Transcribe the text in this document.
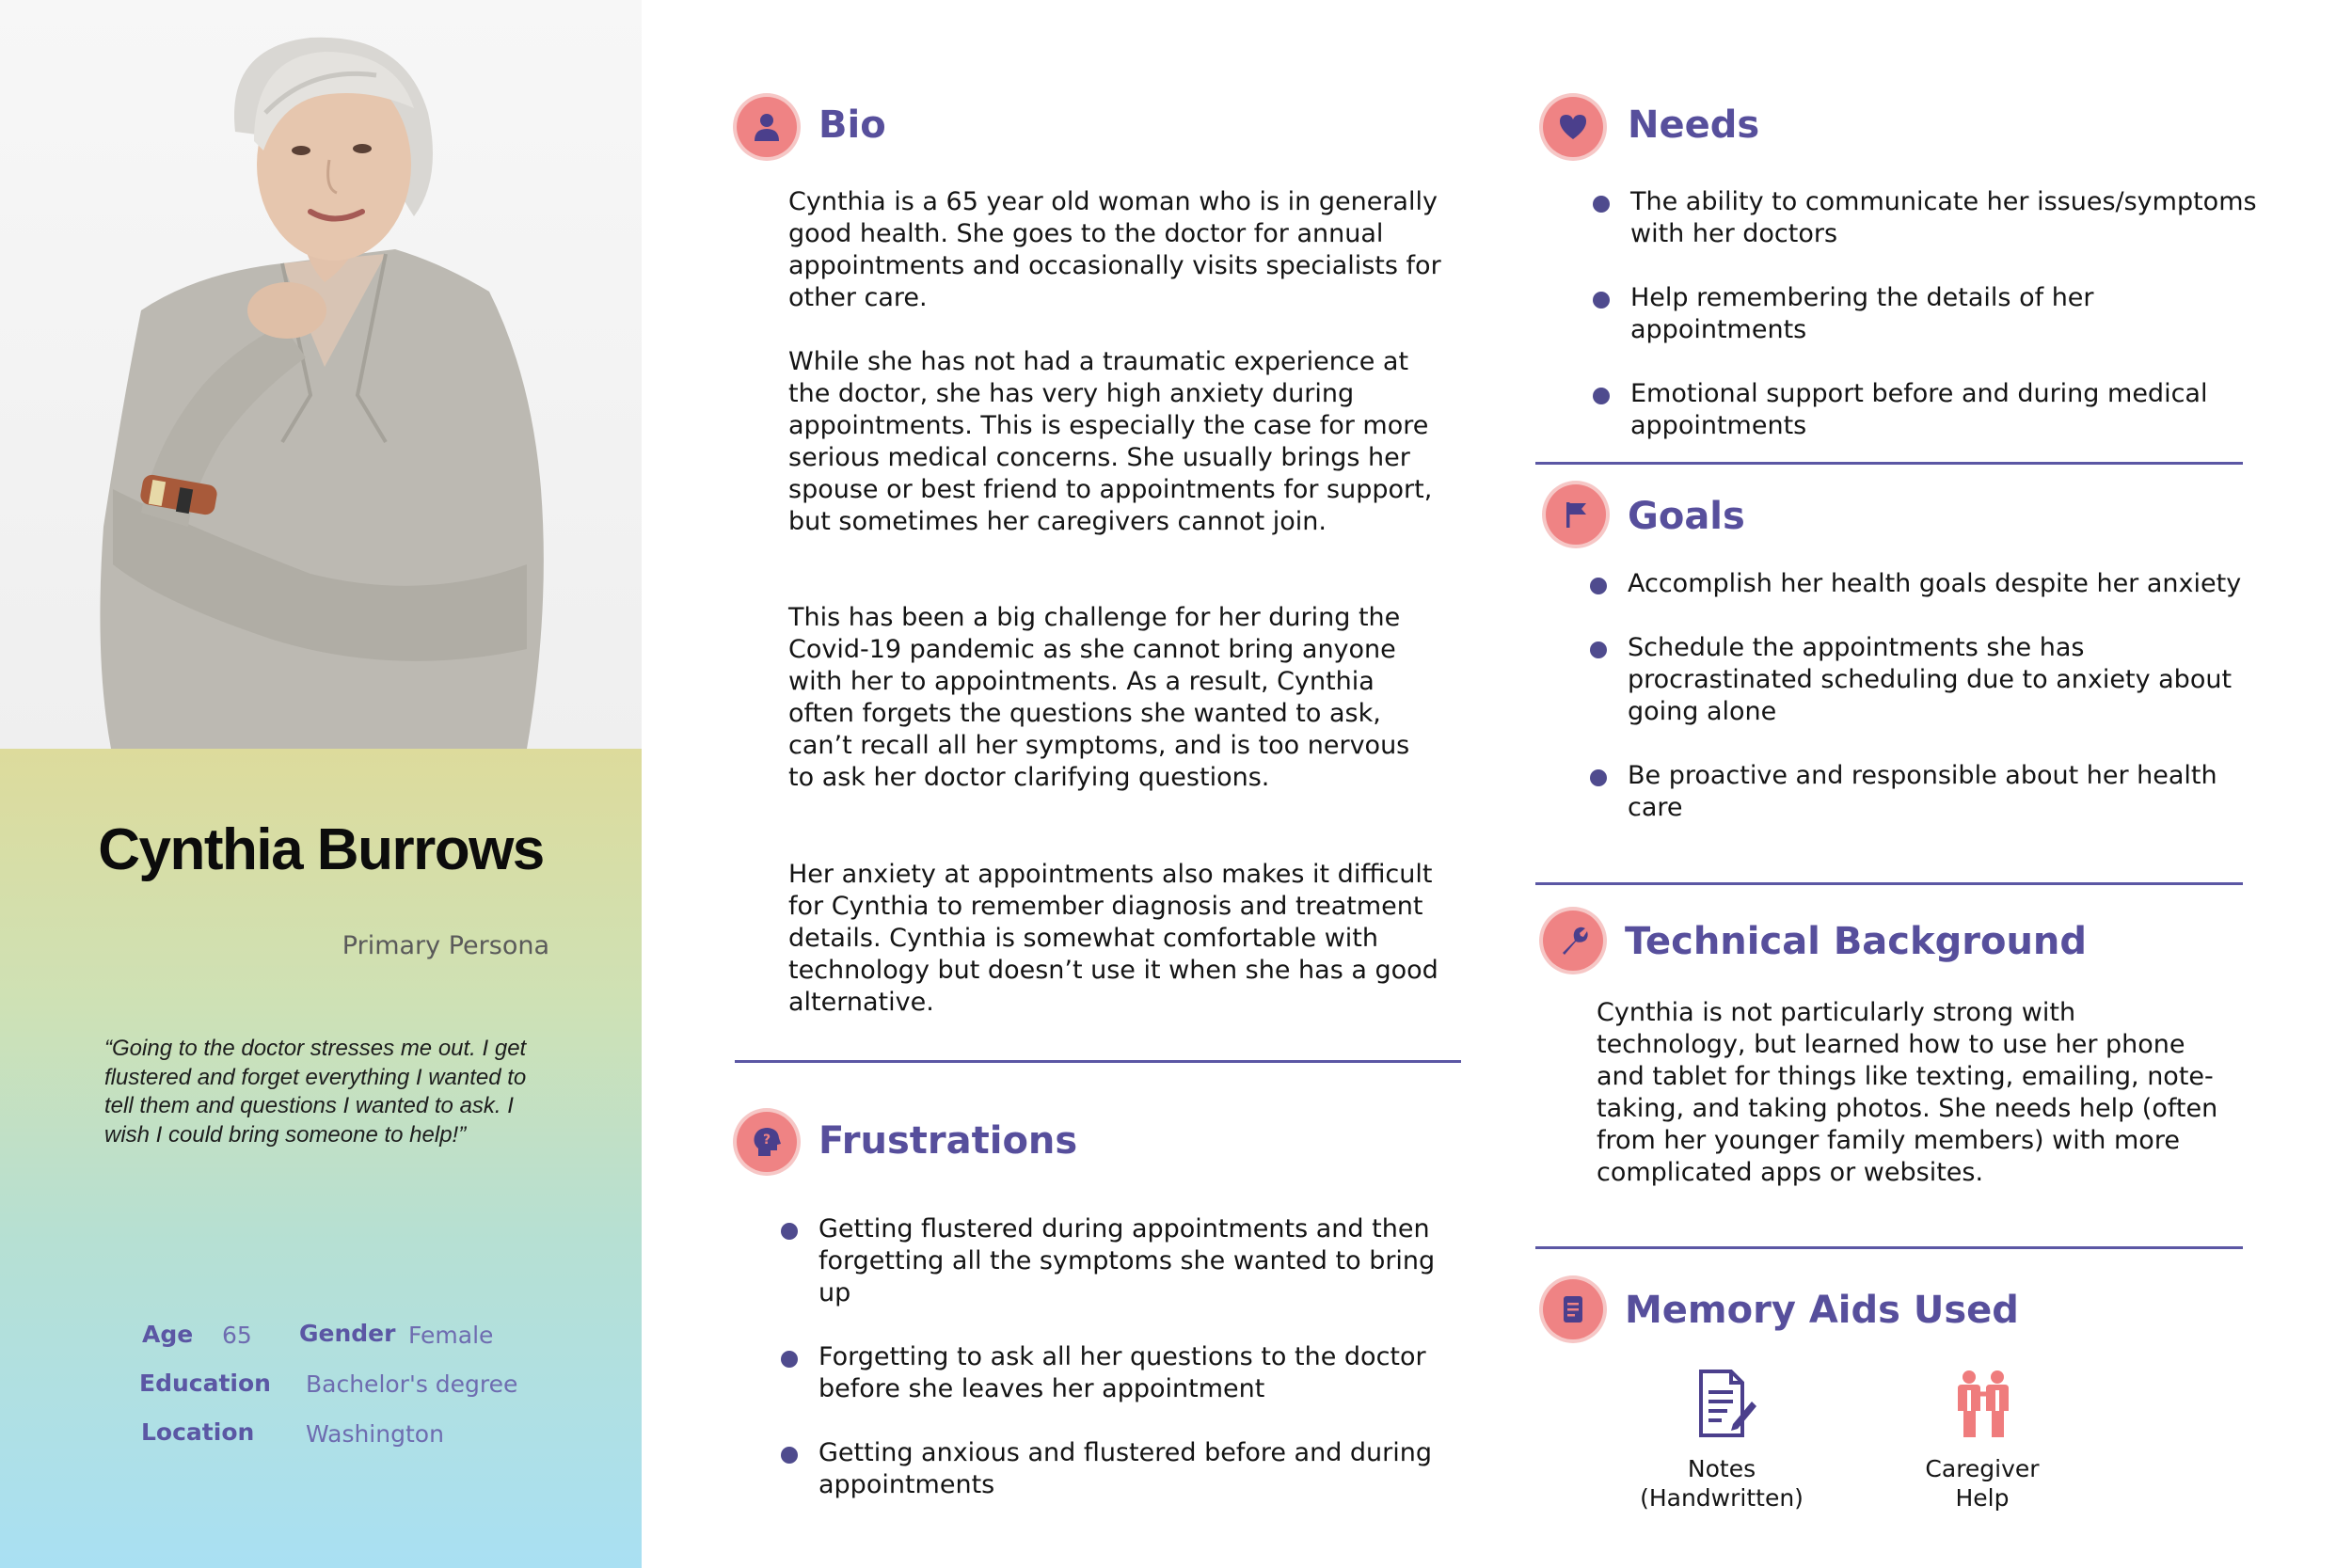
Cynthia Burrows
Primary Persona
“Going to the doctor stresses me out. I get flustered and forget everything I wanted to tell them and questions I wanted to ask. I wish I could bring someone to help!”
Age 65 Gender Female
Education Bachelor's degree
Location Washington
Bio
Cynthia is a 65 year old woman who is in generally good health. She goes to the doctor for annual appointments and occasionally visits specialists for other care.
While she has not had a traumatic experience at the doctor, she has very high anxiety during appointments. This is especially the case for more serious medical concerns. She usually brings her spouse or best friend to appointments for support, but sometimes her caregivers cannot join.
This has been a big challenge for her during the Covid-19 pandemic as she cannot bring anyone with her to appointments. As a result, Cynthia often forgets the questions she wanted to ask, can’t recall all her symptoms, and is too nervous to ask her doctor clarifying questions.
Her anxiety at appointments also makes it difficult for Cynthia to remember diagnosis and treatment details. Cynthia is somewhat comfortable with technology but doesn’t use it when she has a good alternative.
? Frustrations
Getting flustered during appointments and then forgetting all the symptoms she wanted to bring up
Forgetting to ask all her questions to the doctor before she leaves her appointment
Getting anxious and flustered before and during appointments
Needs
The ability to communicate her issues/symptoms with her doctors
Help remembering the details of her appointments
Emotional support before and during medical appointments
Goals
Accomplish her health goals despite her anxiety
Schedule the appointments she has procrastinated scheduling due to anxiety about going alone
Be proactive and responsible about her health care
Technical Background
Cynthia is not particularly strong with technology, but learned how to use her phone and tablet for things like texting, emailing, note-taking, and taking photos. She needs help (often from her younger family members) with more complicated apps or websites.
Memory Aids Used
Notes
(Handwritten)
Caregiver
Help
